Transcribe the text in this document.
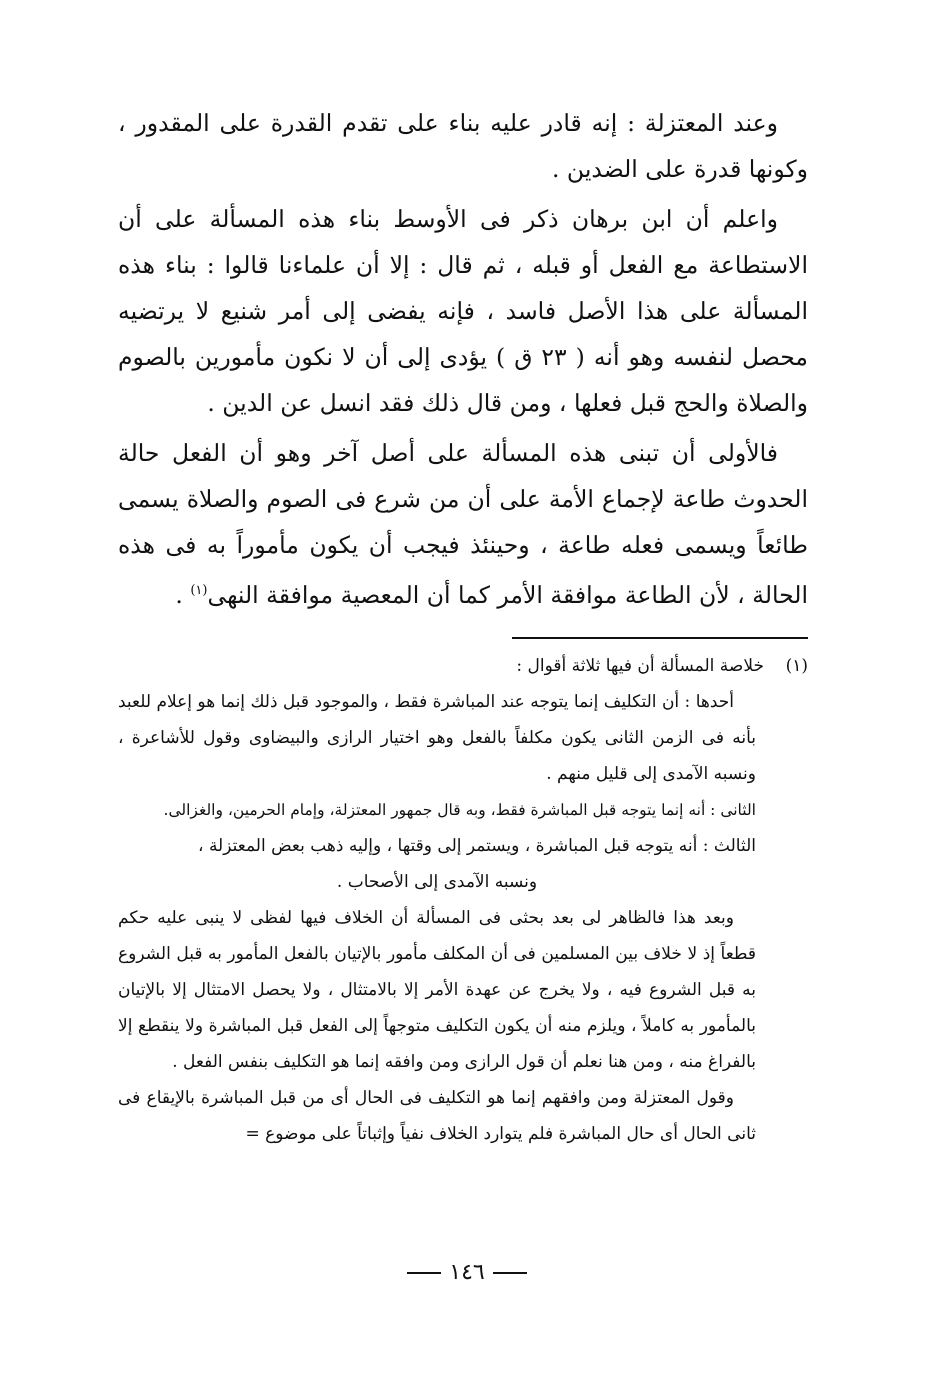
وعند المعتزلة : إنه قادر عليه بناء على تقدم القدرة على المقدور ، وكونها قدرة على الضدين .

واعلم أن ابن برهان ذكر فى الأوسط بناء هذه المسألة على أن الاستطاعة مع الفعل أو قبله ، ثم قال : إلا أن علماءنا قالوا : بناء هذه المسألة على هذا الأصل فاسد ، فإنه يفضى إلى أمر شنيع لا يرتضيه محصل لنفسه وهو أنه ( ٢٣ ق ) يؤدى إلى أن لا نكون مأمورين بالصوم والصلاة والحج قبل فعلها ، ومن قال ذلك فقد انسل عن الدين .

فالأولى أن تبنى هذه المسألة على أصل آخر وهو أن الفعل حالة الحدوث طاعة لإجماع الأمة على أن من شرع فى الصوم والصلاة يسمى طائعاً ويسمى فعله طاعة ، وحينئذ فيجب أن يكون مأموراً به فى هذه الحالة ، لأن الطاعة موافقة الأمر كما أن المعصية موافقة النهى$^{(١)}$ .

(١)
خلاصة المسألة أن فيها ثلاثة أقوال :

أحدها : أن التكليف إنما يتوجه عند المباشرة فقط ، والموجود قبل ذلك إنما هو إعلام للعبد بأنه فى الزمن الثانى يكون مكلفاً بالفعل وهو اختيار الرازى والبيضاوى وقول للأشاعرة ، ونسبه الآمدى إلى قليل منهم .

الثانى : أنه إنما يتوجه قبل المباشرة فقط، وبه قال جمهور المعتزلة، وإمام الحرمين، والغزالى.

الثالث : أنه يتوجه قبل المباشرة ، ويستمر إلى وقتها ، وإليه ذهب بعض المعتزلة ،

ونسبه الآمدى إلى الأصحاب .

وبعد هذا فالظاهر لى بعد بحثى فى المسألة أن الخلاف فيها لفظى لا ينبى عليه حكم قطعاً إذ لا خلاف بين المسلمين فى أن المكلف مأمور بالإتيان بالفعل المأمور به قبل الشروع به قبل الشروع فيه ، ولا يخرج عن عهدة الأمر إلا بالامتثال ، ولا يحصل الامتثال إلا بالإتيان بالمأمور به كاملاً ، ويلزم منه أن يكون التكليف متوجهاً إلى الفعل قبل المباشرة ولا ينقطع إلا بالفراغ منه ، ومن هنا نعلم أن قول الرازى ومن وافقه إنما هو التكليف بنفس الفعل .

وقول المعتزلة ومن وافقهم إنما هو التكليف فى الحال أى من قبل المباشرة بالإيقاع فى ثانى الحال أى حال المباشرة فلم يتوارد الخلاف نفياً وإثباتاً على موضوع =

١٤٦
